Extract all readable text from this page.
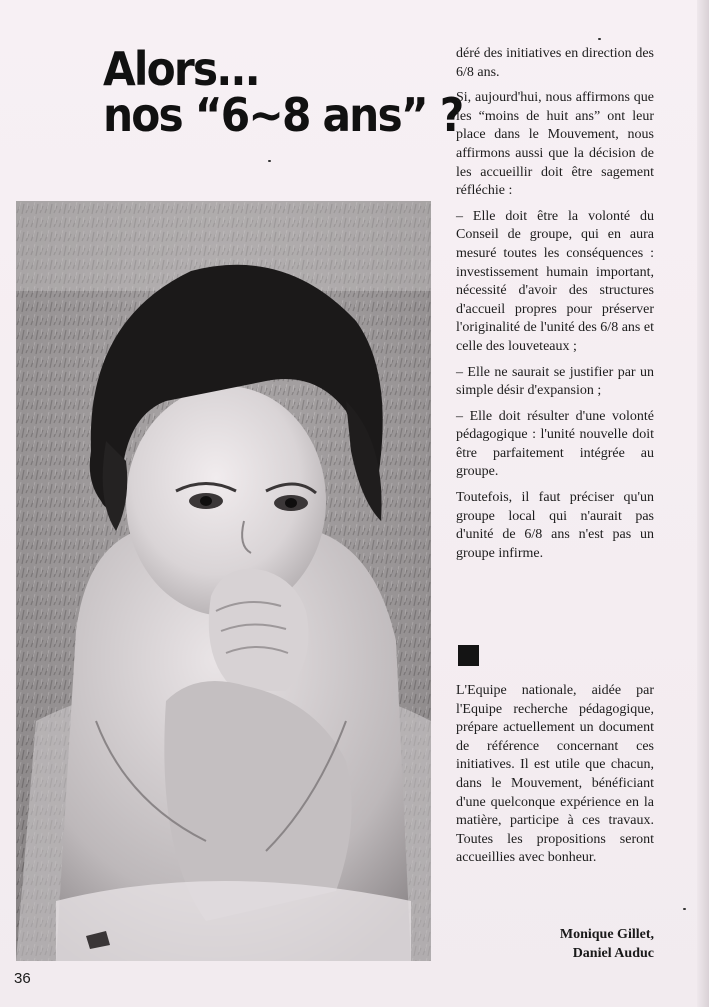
Alors...
nos “6~8 ans” ?

déré des initiatives en direction des 6/8 ans.

Si, aujourd'hui, nous affirmons que les “moins de huit ans” ont leur place dans le Mouvement, nous affirmons aussi que la décision de les accueillir doit être sagement réfléchie :

– Elle doit être la volonté du Conseil de groupe, qui en aura mesuré toutes les conséquences : investissement humain important, nécessité d'avoir des structures d'accueil propres pour préserver l'originalité de l'unité des 6/8 ans et celle des louveteaux ;

– Elle ne saurait se justifier par un simple désir d'expansion ;

– Elle doit résulter d'une volonté pédagogique : l'unité nouvelle doit être parfaitement intégrée au groupe.

Toutefois, il faut préciser qu'un groupe local qui n'aurait pas d'unité de 6/8 ans n'est pas un groupe infirme.

L'Equipe nationale, aidée par l'Equipe recherche pédagogique, prépare actuellement un document de référence concernant ces initiatives. Il est utile que chacun, dans le Mouvement, bénéficiant d'une quelconque expérience en la matière, participe à ces travaux. Toutes les propositions seront accueillies avec bonheur.

Monique Gillet,
Daniel Auduc
36
